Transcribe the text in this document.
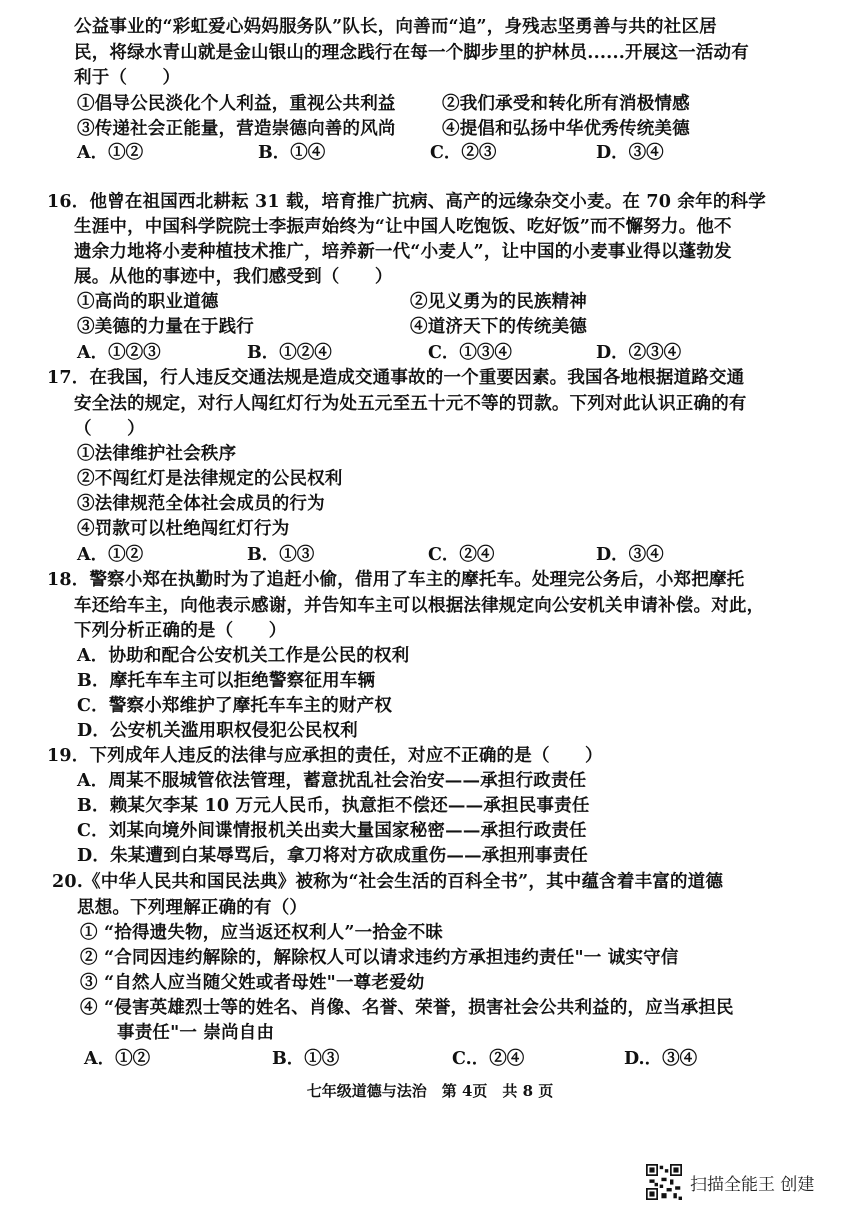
公益事业的“彩虹爱心妈妈服务队”队长，向善而“追”，身残志坚勇善与共的社区居
民，将绿水青山就是金山银山的理念践行在每一个脚步里的护林员......开展这一活动有
利于（　　）
①倡导公民淡化个人利益，重视公共利益	②我们承受和转化所有消极情感
③传递社会正能量，营造崇德向善的风尚	④提倡和弘扬中华优秀传统美德
A．①②	B．①④	C．②③	D．③④
16．他曾在祖国西北耕耘 31 载，培育推广抗病、高产的远缘杂交小麦。在 70 余年的科学
生涯中，中国科学院院士李振声始终为“让中国人吃饱饭、吃好饭”而不懈努力。他不
遗余力地将小麦种植技术推广，培养新一代“小麦人”，让中国的小麦事业得以蓬勃发
展。从他的事迹中，我们感受到（　　）
①高尚的职业道德	②见义勇为的民族精神
③美德的力量在于践行	④道济天下的传统美德
A．①②③	B．①②④	C．①③④	D．②③④
17．在我国，行人违反交通法规是造成交通事故的一个重要因素。我国各地根据道路交通
安全法的规定，对行人闯红灯行为处五元至五十元不等的罚款。下列对此认识正确的有
（　　）
①法律维护社会秩序
②不闯红灯是法律规定的公民权利
③法律规范全体社会成员的行为
④罚款可以杜绝闯红灯行为
A．①②	B．①③	C．②④	D．③④
18．警察小郑在执勤时为了追赶小偷，借用了车主的摩托车。处理完公务后，小郑把摩托
车还给车主，向他表示感谢，并告知车主可以根据法律规定向公安机关申请补偿。对此，
下列分析正确的是（　　）
A．协助和配合公安机关工作是公民的权利
B．摩托车车主可以拒绝警察征用车辆
C．警察小郑维护了摩托车车主的财产权
D．公安机关滥用职权侵犯公民权利
19．下列成年人违反的法律与应承担的责任，对应不正确的是（　　）
A．周某不服城管依法管理，蓄意扰乱社会治安——承担行政责任
B．赖某欠李某 10 万元人民币，执意拒不偿还——承担民事责任
C．刘某向境外间谍情报机关出卖大量国家秘密——承担行政责任
D．朱某遭到白某辱骂后，拿刀将对方砍成重伤——承担刑事责任
20.《中华人民共和国民法典》被称为“社会生活的百科全书”，其中蕴含着丰富的道德
思想。下列理解正确的有（）
① “拾得遗失物，应当返还权利人”一拾金不昧
② “合同因违约解除的，解除权人可以请求违约方承担违约责任"一 诚实守信
③ “自然人应当随父姓或者母姓"一尊老爱幼
④ “侵害英雄烈士等的姓名、肖像、名誉、荣誉，损害社会公共利益的，应当承担民
事责任"一 崇尚自由
A．①②	B．①③	C.．②④	D.．③④
七年级道德与法治　第 4页　共 8 页
扫描全能王 创建
